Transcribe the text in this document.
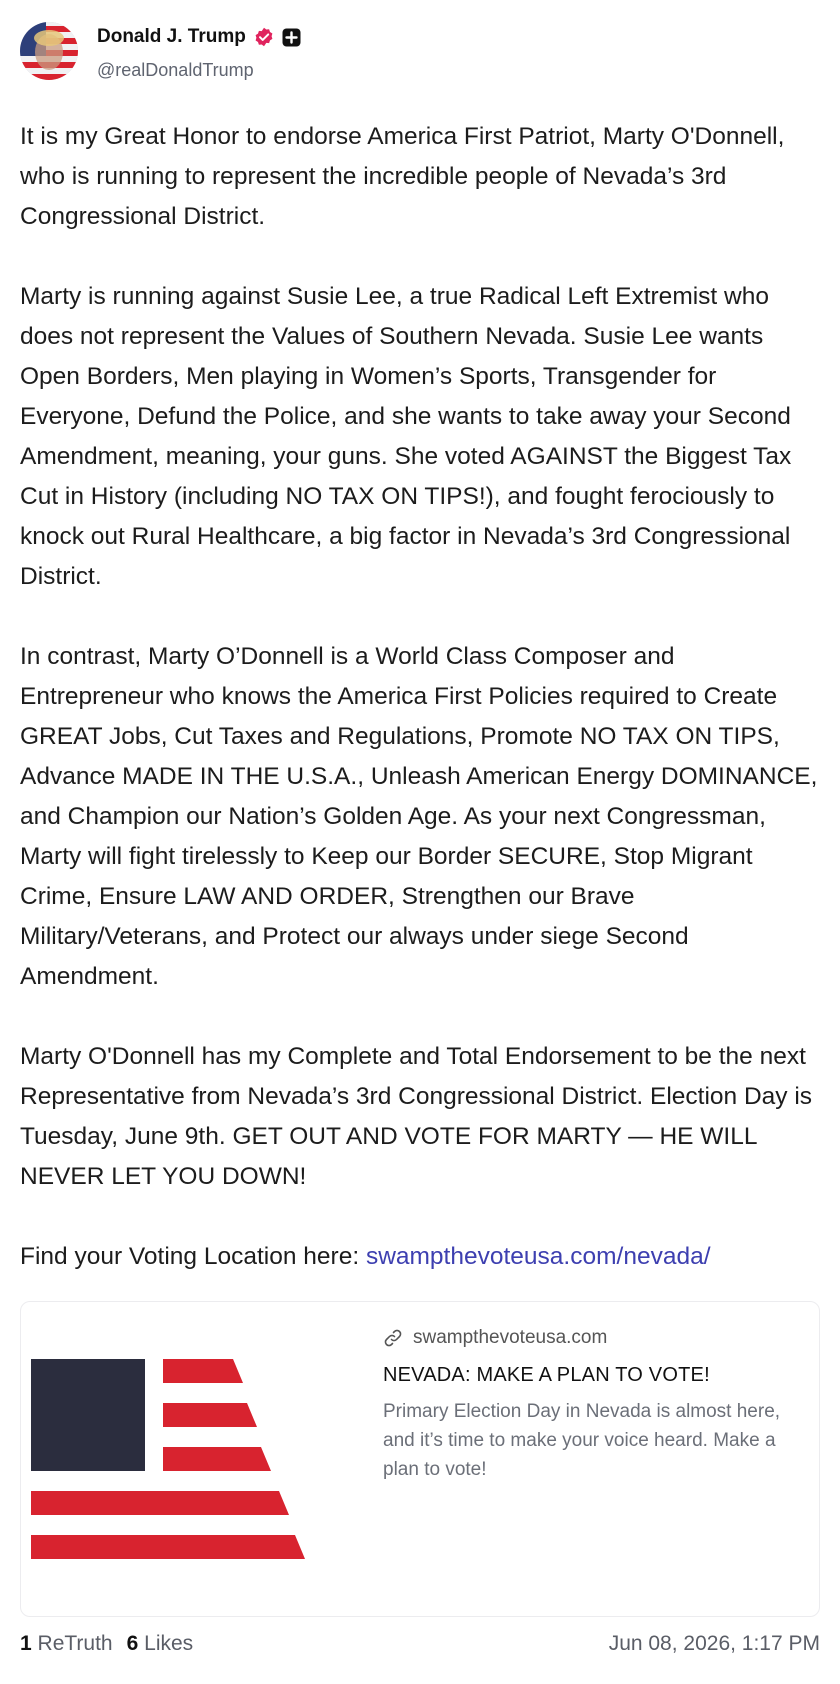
Donald J. Trump
@realDonaldTrump

It is my Great Honor to endorse America First Patriot, Marty O'Donnell, who is running to represent the incredible people of Nevada’s 3rd Congressional District.

Marty is running against Susie Lee, a true Radical Left Extremist who does not represent the Values of Southern Nevada. Susie Lee wants Open Borders, Men playing in Women’s Sports, Transgender for Everyone, Defund the Police, and she wants to take away your Second Amendment, meaning, your guns. She voted AGAINST the Biggest Tax Cut in History (including NO TAX ON TIPS!), and fought ferociously to knock out Rural Healthcare, a big factor in Nevada’s 3rd Congressional District.

In contrast, Marty O’Donnell is a World Class Composer and Entrepreneur who knows the America First Policies required to Create GREAT Jobs, Cut Taxes and Regulations, Promote NO TAX ON TIPS, Advance MADE IN THE U.S.A., Unleash American Energy DOMINANCE, and Champion our Nation’s Golden Age. As your next Congressman, Marty will fight tirelessly to Keep our Border SECURE, Stop Migrant Crime, Ensure LAW AND ORDER, Strengthen our Brave Military/Veterans, and Protect our always under siege Second Amendment.

Marty O'Donnell has my Complete and Total Endorsement to be the next Representative from Nevada’s 3rd Congressional District. Election Day is Tuesday, June 9th. GET OUT AND VOTE FOR MARTY — HE WILL NEVER LET YOU DOWN!

Find your Voting Location here: swampthevoteusa.com/nevada/

swampthevoteusa.com
NEVADA: MAKE A PLAN TO VOTE!
Primary Election Day in Nevada is almost here, and it’s time to make your voice heard. Make a plan to vote!
1 ReTruth 6 Likes	Jun 08, 2026, 1:17 PM
